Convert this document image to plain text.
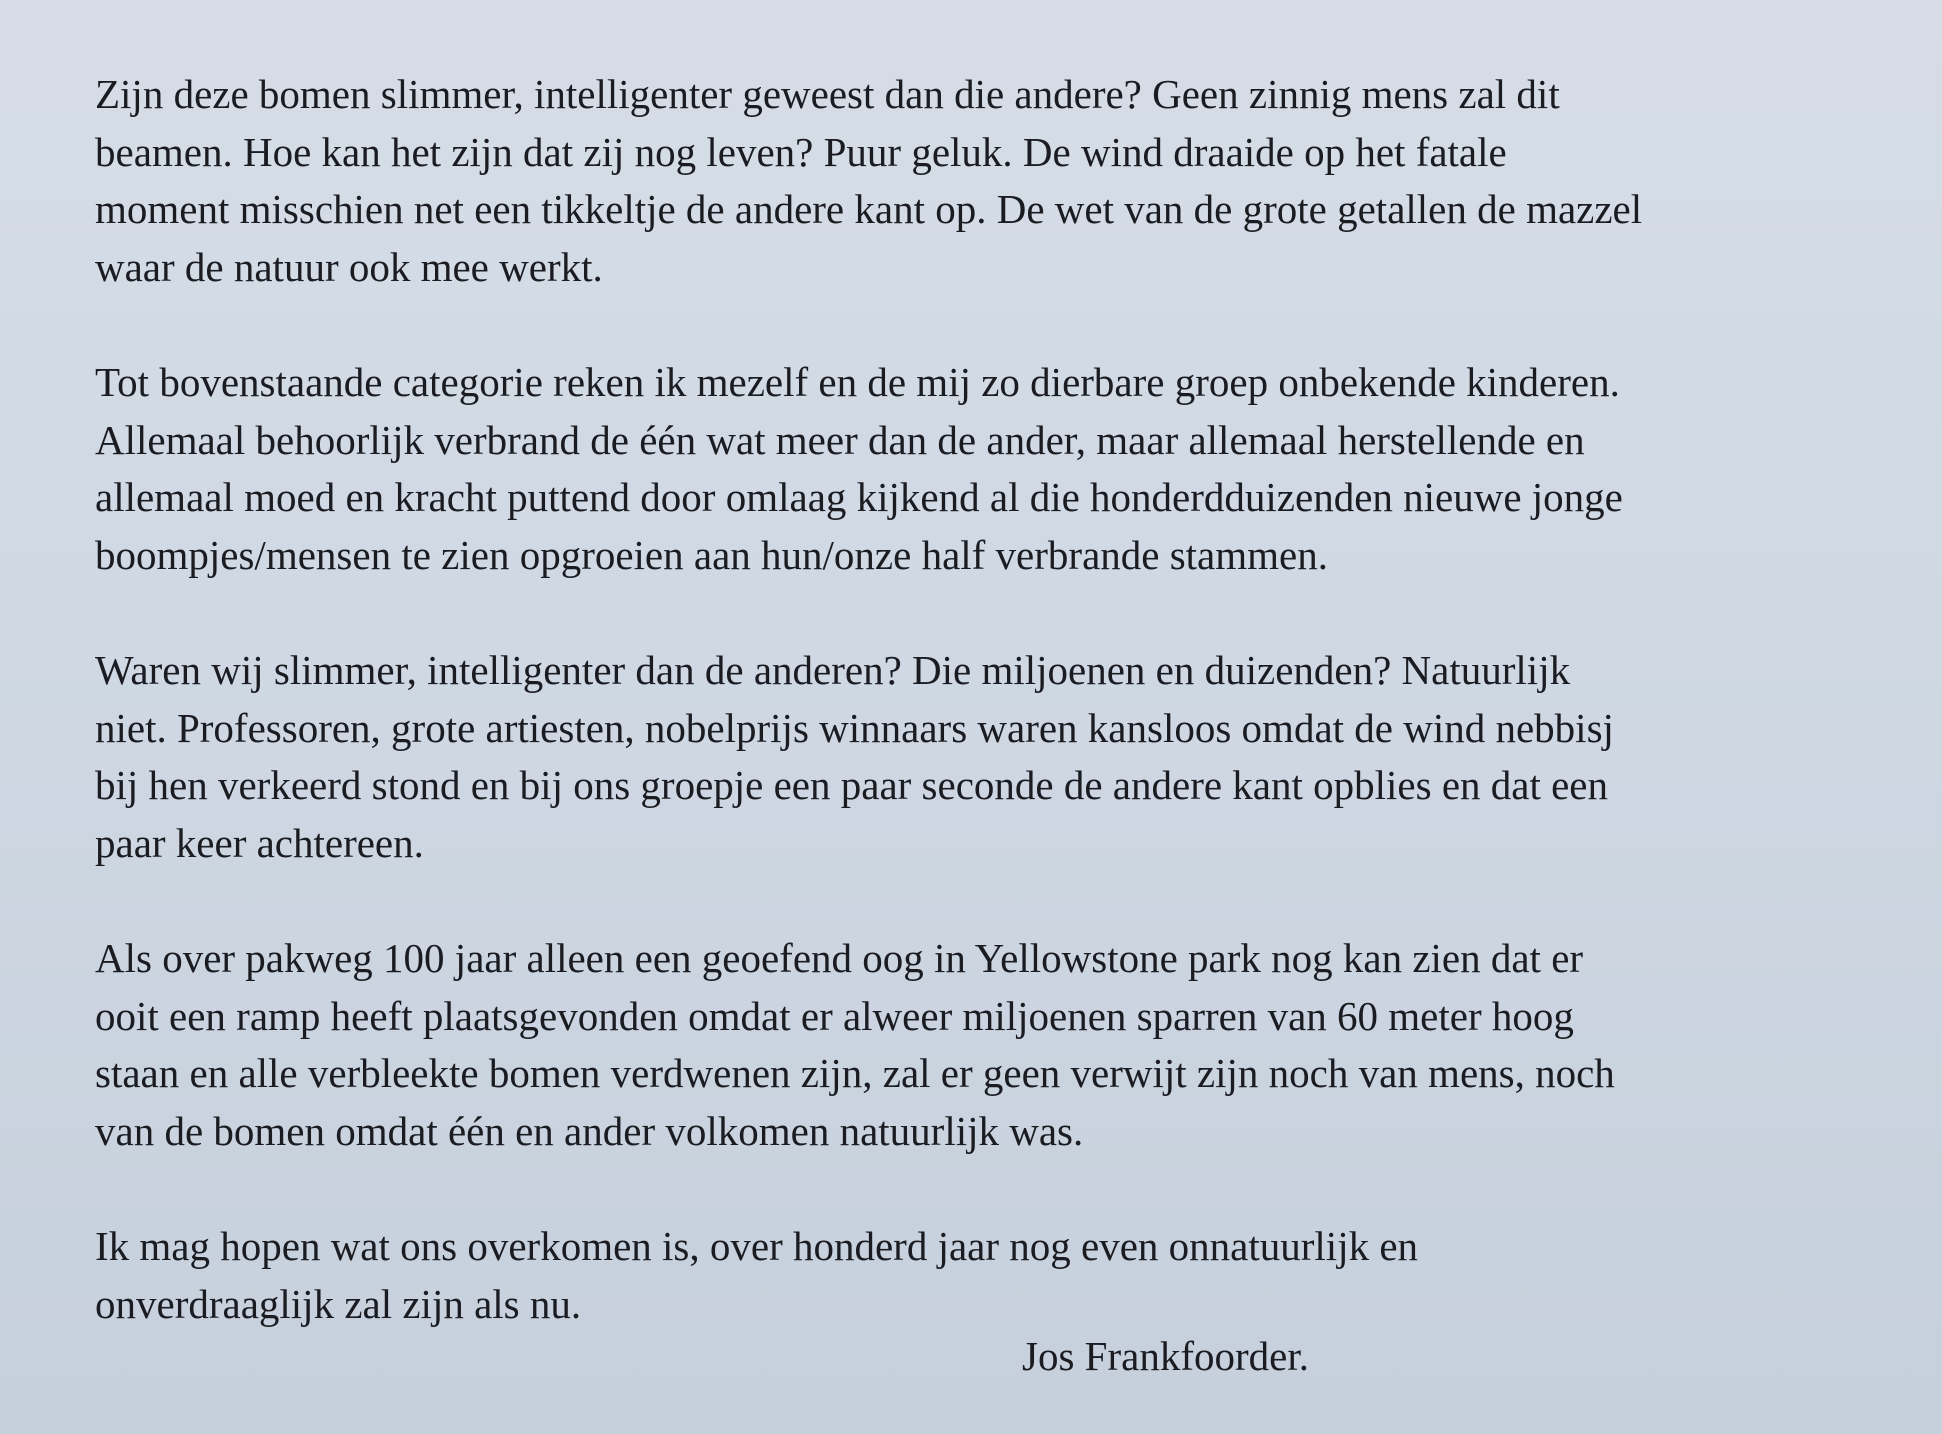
Zijn deze bomen slimmer, intelligenter geweest dan die andere? Geen zinnig mens zal dit
beamen. Hoe kan het zijn dat zij nog leven? Puur geluk. De wind draaide op het fatale
moment misschien net een tikkeltje de andere kant op. De wet van de grote getallen de mazzel
waar de natuur ook mee werkt.
Tot bovenstaande categorie reken ik mezelf en de mij zo dierbare groep onbekende kinderen.
Allemaal behoorlijk verbrand de één wat meer dan de ander, maar allemaal herstellende en
allemaal moed en kracht puttend door omlaag kijkend al die honderdduizenden nieuwe jonge
boompjes/mensen te zien opgroeien aan hun/onze half verbrande stammen.
Waren wij slimmer, intelligenter dan de anderen? Die miljoenen en duizenden? Natuurlijk
niet. Professoren, grote artiesten, nobelprijs winnaars waren kansloos omdat de wind nebbisj
bij hen verkeerd stond en bij ons groepje een paar seconde de andere kant opblies en dat een
paar keer achtereen.
Als over pakweg 100 jaar alleen een geoefend oog in Yellowstone park nog kan zien dat er
ooit een ramp heeft plaatsgevonden omdat er alweer miljoenen sparren van 60 meter hoog
staan en alle verbleekte bomen verdwenen zijn, zal er geen verwijt zijn noch van mens, noch
van de bomen omdat één en ander volkomen natuurlijk was.
Ik mag hopen wat ons overkomen is, over honderd jaar nog even onnatuurlijk en
onverdraaglijk zal zijn als nu.
Jos Frankfoorder.
